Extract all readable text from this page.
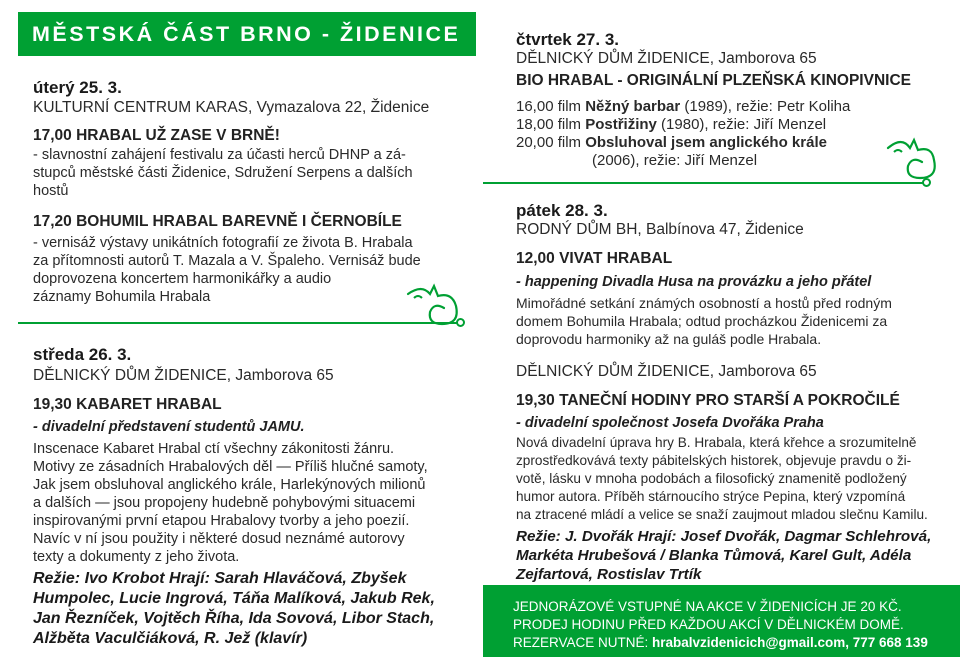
MĚSTSKÁ ČÁST BRNO - ŽIDENICE
úterý 25. 3.
KULTURNÍ CENTRUM KARAS, Vymazalova 22, Židenice
17,00 HRABAL UŽ ZASE V BRNĚ!
- slavnostní zahájení festivalu za účasti herců DHNP a zá-
stupců městské části Židenice, Sdružení Serpens a dalších
hostů
17,20 BOHUMIL HRABAL BAREVNĚ I ČERNOBÍLE
- vernisáž výstavy unikátních fotografií ze života B. Hrabala
za přítomnosti autorů T. Mazala a V. Špaleho. Vernisáž bude
doprovozena koncertem harmonikářky a audio
záznamy Bohumila Hrabala
středa 26. 3.
DĚLNICKÝ DŮM ŽIDENICE, Jamborova 65
19,30 KABARET HRABAL
- divadelní představení studentů JAMU.
Inscenace Kabaret Hrabal ctí všechny zákonitosti žánru.
Motivy ze zásadních Hrabalových děl — Příliš hlučné samoty,
Jak jsem obsluhoval anglického krále, Harlekýnových milionů
a dalších — jsou propojeny hudebně pohybovými situacemi
inspirovanými první etapou Hrabalovy tvorby a jeho poezií.
Navíc v ní jsou použity i některé dosud neznámé autorovy
texty a dokumenty z jeho života.
Režie: Ivo Krobot Hrají: Sarah Hlaváčová, Zbyšek
Humpolec, Lucie Ingrová, Táňa Malíková, Jakub Rek,
Jan Řezníček, Vojtěch Říha, Ida Sovová, Libor Stach,
Alžběta Vaculčiáková, R. Jež (klavír)
čtvrtek 27. 3.
DĚLNICKÝ DŮM ŽIDENICE, Jamborova 65
BIO HRABAL - ORIGINÁLNÍ PLZEŇSKÁ KINOPIVNICE
16,00 film Něžný barbar (1989), režie: Petr Koliha
18,00 film Postřižiny (1980), režie: Jiří Menzel
20,00 film Obsluhoval jsem anglického krále
(2006), režie: Jiří Menzel
pátek 28. 3.
RODNÝ DŮM BH, Balbínova 47, Židenice
12,00 VIVAT HRABAL
- happening Divadla Husa na provázku a jeho přátel
Mimořádné setkání známých osobností a hostů před rodným
domem Bohumila Hrabala; odtud procházkou Židenicemi za
doprovodu harmoniky až na guláš podle Hrabala.
DĚLNICKÝ DŮM ŽIDENICE, Jamborova 65
19,30 TANEČNÍ HODINY PRO STARŠÍ A POKROČILÉ
- divadelní společnost Josefa Dvořáka Praha
Nová divadelní úprava hry B. Hrabala, která křehce a srozumitelně
zprostředkovává texty pábitelských historek, objevuje pravdu o ži-
votě, lásku v mnoha podobách a filosofický znamenitě podložený
humor autora. Příběh stárnoucího strýce Pepina, který vzpomíná
na ztracené mládí a velice se snaží zaujmout mladou slečnu Kamilu.
Režie: J. Dvořák Hrají: Josef Dvořák, Dagmar Schlehrová,
Markéta Hrubešová / Blanka Tůmová, Karel Gult, Adéla
Zejfartová, Rostislav Trtík
JEDNORÁZOVÉ VSTUPNÉ NA AKCE V ŽIDENICÍCH JE 20 KČ.
PRODEJ HODINU PŘED KAŽDOU AKCÍ V DĚLNICKÉM DOMĚ.
REZERVACE NUTNÉ: hrabalvzidenicich@gmail.com, 777 668 139
